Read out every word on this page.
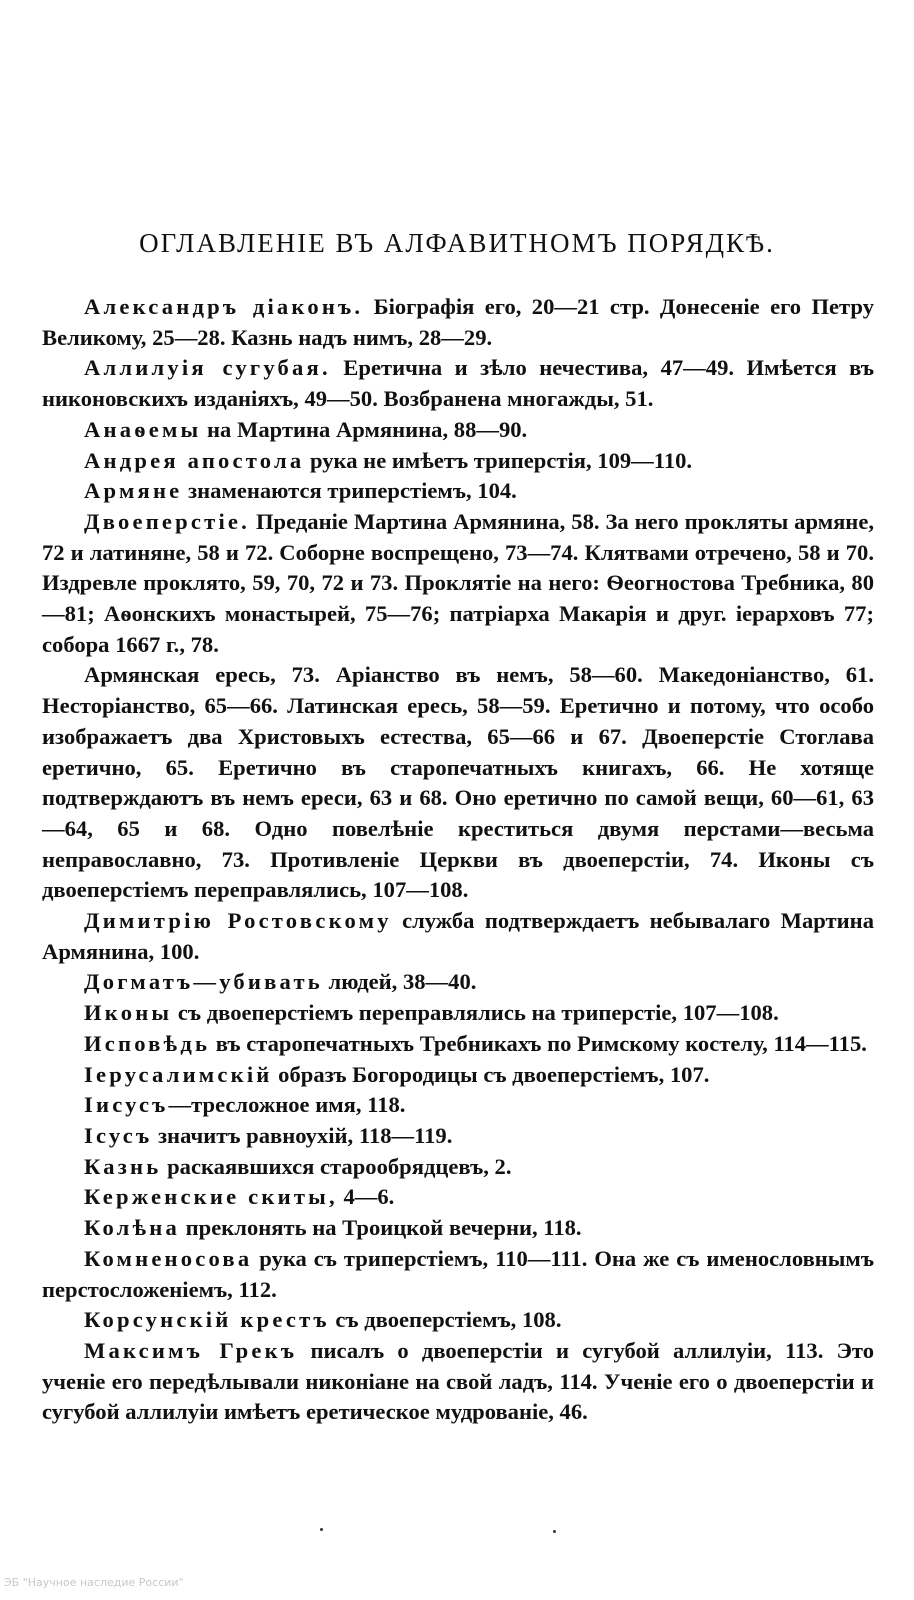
ОГЛАВЛЕНІЕ ВЪ АЛФАВИТНОМЪ ПОРЯДКѢ.

Александръ діаконъ. Біографія его, 20—21 стр. Донесеніе его Петру Великому, 25—28. Казнь надъ нимъ, 28—29.

Аллилуія сугубая. Еретична и зѣло нечестива, 47—49. Имѣется въ никоновскихъ изданіяхъ, 49—50. Возбранена многажды, 51.

Анаѳемы на Мартина Армянина, 88—90.

Андрея апостола рука не имѣетъ триперстія, 109—110.

Армяне знаменаются триперстіемъ, 104.

Двоеперстіе. Преданіе Мартина Армянина, 58. За него прокляты армяне, 72 и латиняне, 58 и 72. Соборне воспрещено, 73—74. Клятвами отречено, 58 и 70. Издревле проклято, 59, 70, 72 и 73. Проклятіе на него: Ѳеогностова Требника, 80—81; Аѳонскихъ монастырей, 75—76; патріарха Макарія и друг. іерарховъ 77; собора 1667 г., 78.

Армянская ересь, 73. Аріанство въ немъ, 58—60. Македоніанство, 61. Несторіанство, 65—66. Латинская ересь, 58—59. Еретично и потому, что особо изображаетъ два Христовыхъ естества, 65—66 и 67. Двоеперстіе Стоглава еретично, 65. Еретично въ старопечатныхъ книгахъ, 66. Не хотяще подтверждаютъ въ немъ ереси, 63 и 68. Оно еретично по самой вещи, 60—61, 63—64, 65 и 68. Одно повелѣніе креститься двумя перстами—весьма неправославно, 73. Противленіе Церкви въ двоеперстіи, 74. Иконы съ двоеперстіемъ переправлялись, 107—108.

Димитрію Ростовскому служба подтверждаетъ небывалаго Мартина Армянина, 100.

Догматъ—убивать людей, 38—40.

Иконы съ двоеперстіемъ переправлялись на триперстіе, 107—108.

Исповѣдь въ старопечатныхъ Требникахъ по Римскому костелу, 114—115.

Іерусалимскій образъ Богородицы съ двоеперстіемъ, 107.

Іисусъ—тресложное имя, 118.

Ісусъ значитъ равноухій, 118—119.

Казнь раскаявшихся старообрядцевъ, 2.

Керженские скиты, 4—6.

Колѣна преклонять на Троицкой вечерни, 118.

Комненосова рука съ триперстіемъ, 110—111. Она же съ именословнымъ перстосложеніемъ, 112.

Корсунскій крестъ съ двоеперстіемъ, 108.

Максимъ Грекъ писалъ о двоеперстіи и сугубой аллилуіи, 113. Это ученіе его передѣлывали никоніане на свой ладъ, 114. Ученіе его о двоеперстіи и сугубой аллилуіи имѣетъ еретическое мудрованіе, 46.

ЭБ "Научное наследие России"
